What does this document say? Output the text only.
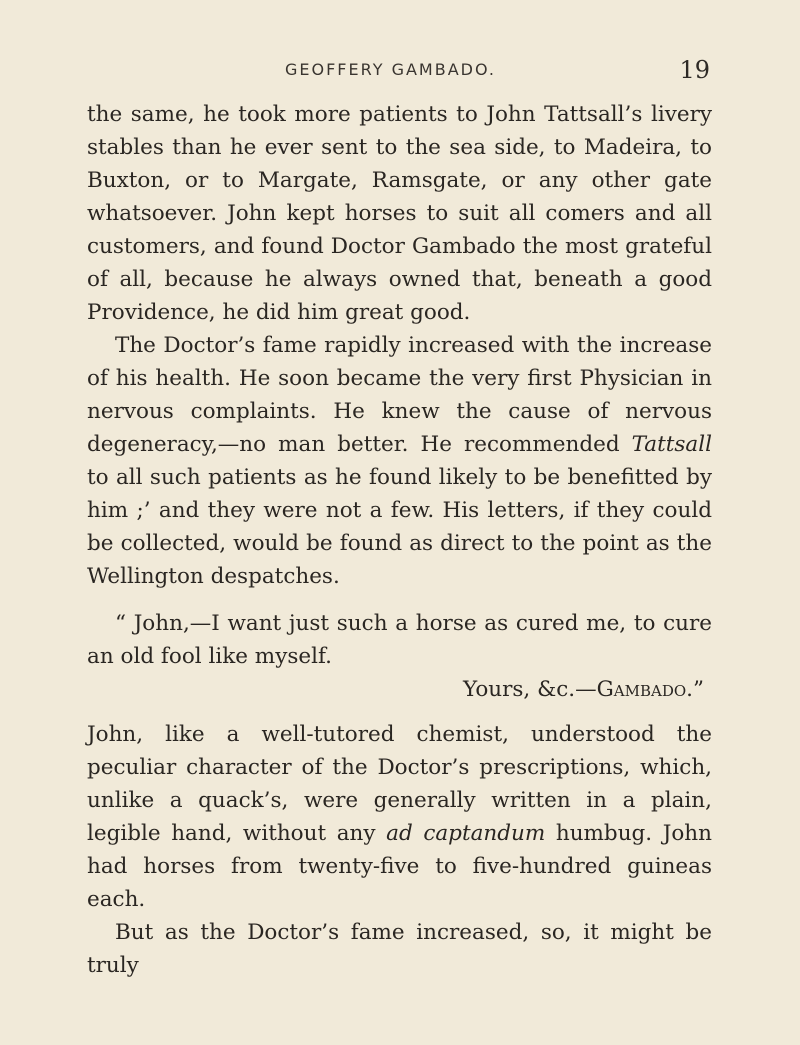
GEOFFERY GAMBADO.	19

the same, he took more patients to John Tattsall’s livery stables than he ever sent to the sea side, to Madeira, to Buxton, or to Margate, Ramsgate, or any other gate whatsoever. John kept horses to suit all comers and all customers, and found Doctor Gambado the most grateful of all, because he always owned that, beneath a good Providence, he did him great good.

The Doctor’s fame rapidly increased with the increase of his health. He soon became the very first Physician in nervous complaints. He knew the cause of nervous degeneracy,—no man better. He recommended Tattsall to all such patients as he found likely to be benefitted by him ;’ and they were not a few. His letters, if they could be collected, would be found as direct to the point as the Wellington despatches.

“ John,—I want just such a horse as cured me, to cure an old fool like myself.

Yours, &c.—Gambado.”

John, like a well-tutored chemist, understood the peculiar character of the Doctor’s prescriptions, which, unlike a quack’s, were generally written in a plain, legible hand, without any ad captandum humbug. John had horses from twenty-five to five-hundred guineas each.

But as the Doctor’s fame increased, so, it might be truly
